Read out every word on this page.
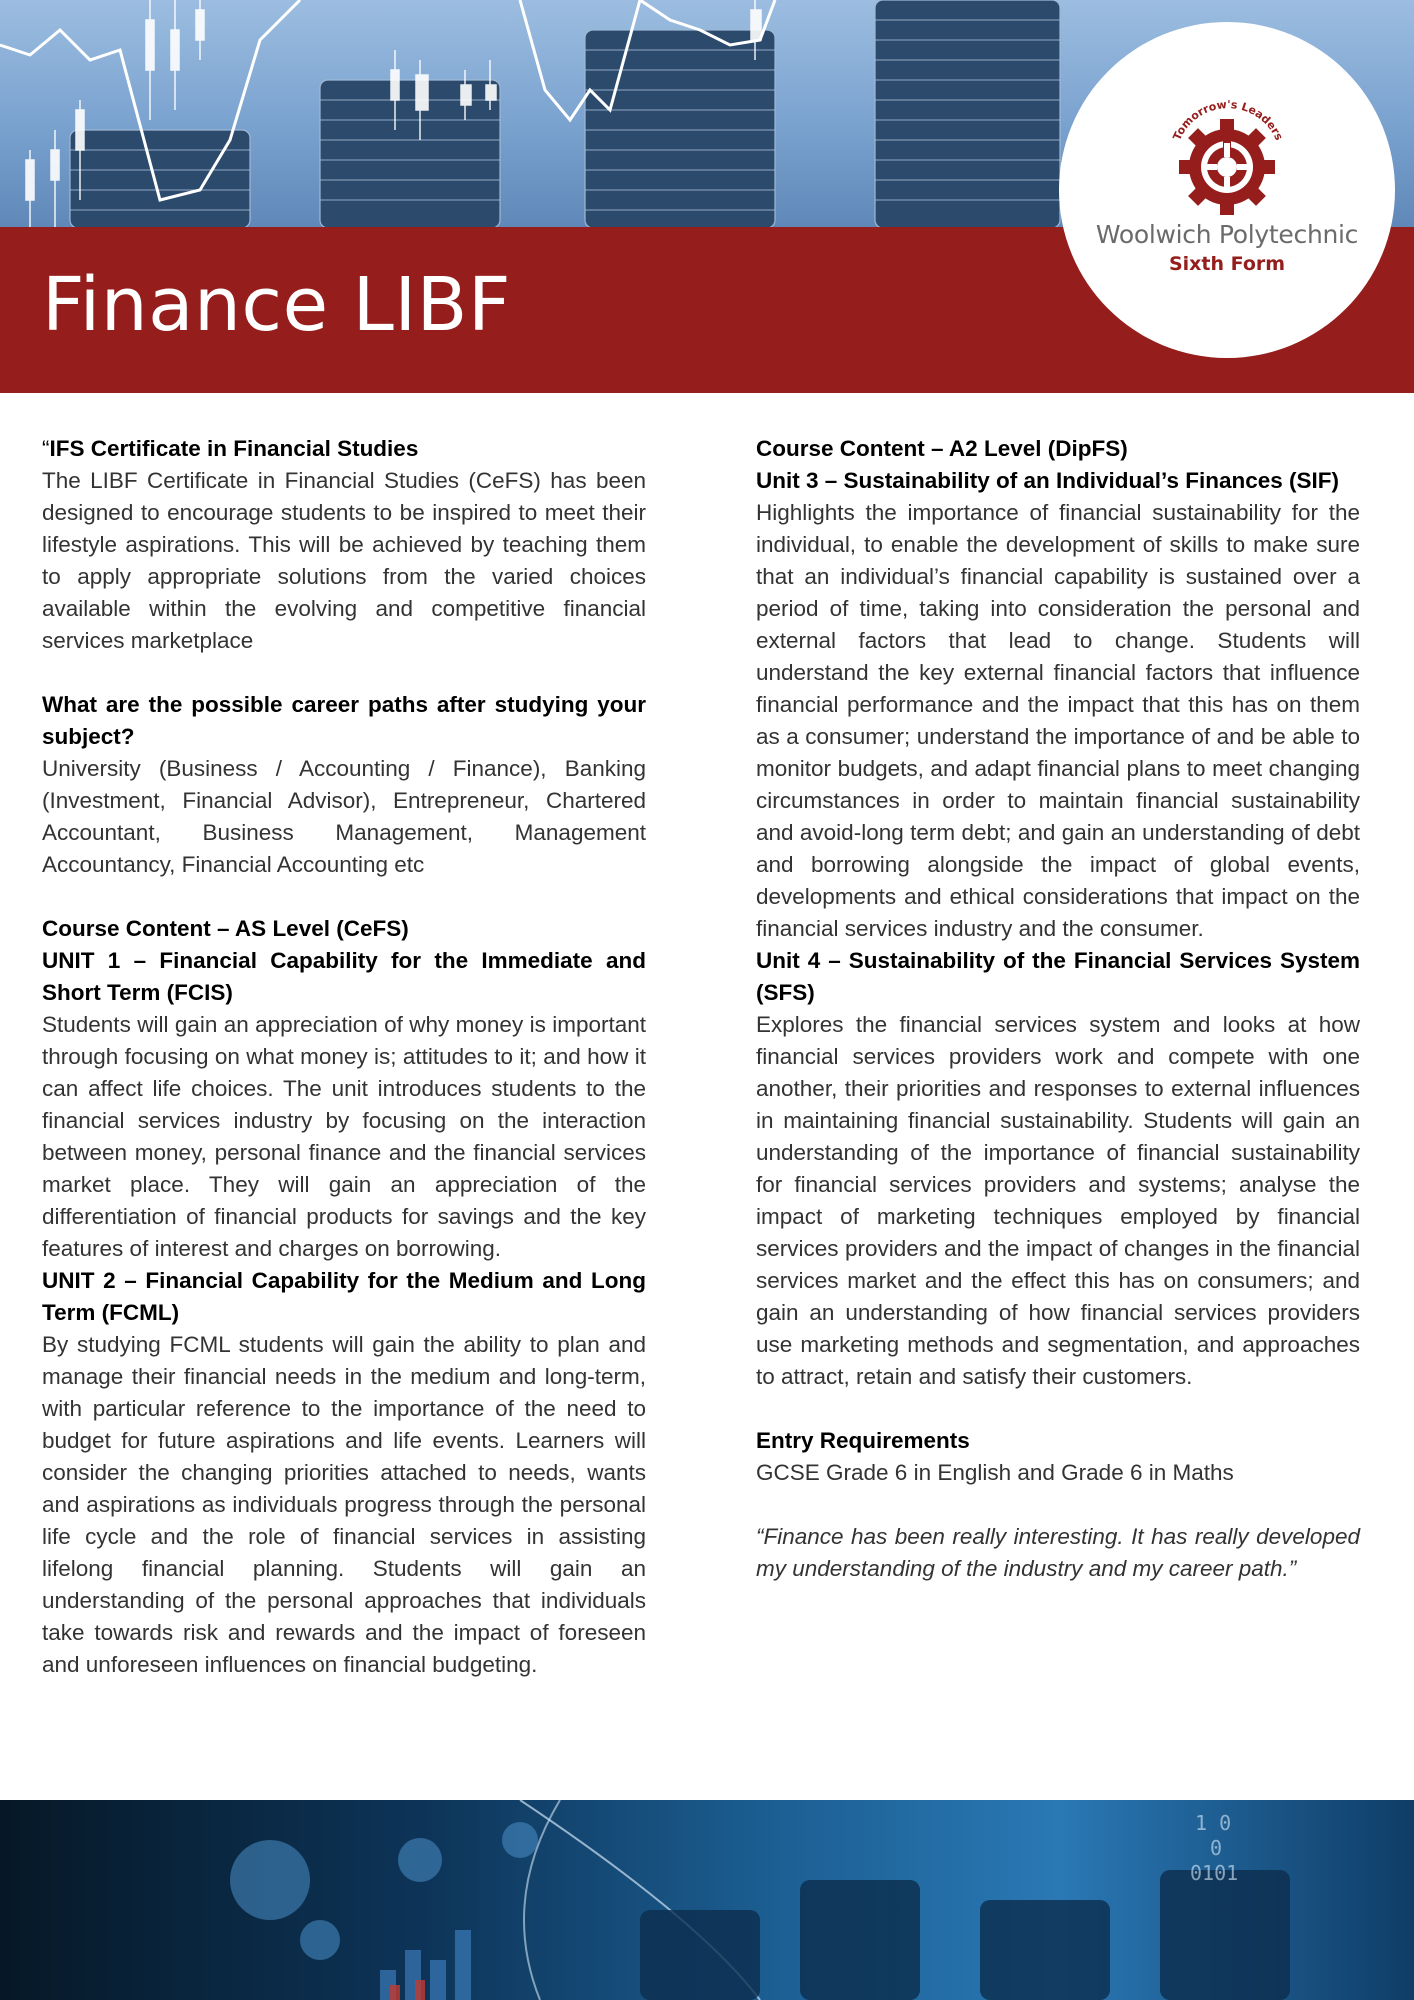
Finance LIBF
Tomorrow's Leaders
Woolwich Polytechnic
Sixth Form
“IFS Certificate in Financial Studies

The LIBF Certificate in Financial Studies (CeFS) has been designed to encourage students to be inspired to meet their lifestyle aspirations. This will be achieved by teaching them to apply appropriate solutions from the varied choices available within the evolving and competitive financial services marketplace

What are the possible career paths after studying your subject?

University (Business / Accounting / Finance), Banking (Investment, Financial Advisor), Entrepreneur, Chartered Accountant, Business Management, Management Accountancy, Financial Accounting etc

Course Content – AS Level (CeFS)
UNIT 1 – Financial Capability for the Immediate and Short Term (FCIS)

Students will gain an appreciation of why money is important through focusing on what money is; attitudes to it; and how it can affect life choices. The unit introduces students to the financial services industry by focusing on the interaction between money, personal finance and the financial services market place. They will gain an appreciation of the differentiation of financial products for savings and the key features of interest and charges on borrowing.

UNIT 2 – Financial Capability for the Medium and Long Term (FCML)

By studying FCML students will gain the ability to plan and manage their financial needs in the medium and long-term, with particular reference to the importance of the need to budget for future aspirations and life events. Learners will consider the changing priorities attached to needs, wants and aspirations as individuals progress through the personal life cycle and the role of financial services in assisting lifelong financial planning. Students will gain an understanding of the personal approaches that individuals take towards risk and rewards and the impact of foreseen and unforeseen influences on financial budgeting.

Course Content – A2 Level (DipFS)
Unit 3 – Sustainability of an Individual’s Finances (SIF)

Highlights the importance of financial sustainability for the individual, to enable the development of skills to make sure that an individual’s financial capability is sustained over a period of time, taking into consideration the personal and external factors that lead to change. Students will understand the key external financial factors that influence financial performance and the impact that this has on them as a consumer; understand the importance of and be able to monitor budgets, and adapt financial plans to meet changing circumstances in order to maintain financial sustainability and avoid-long term debt; and gain an understanding of debt and borrowing alongside the impact of global events, developments and ethical considerations that impact on the financial services industry and the consumer.

Unit 4 – Sustainability of the Financial Services System (SFS)

Explores the financial services system and looks at how financial services providers work and compete with one another, their priorities and responses to external influences in maintaining financial sustainability. Students will gain an understanding of the importance of financial sustainability for financial services providers and systems; analyse the impact of marketing techniques employed by financial services providers and the impact of changes in the financial services market and the effect this has on consumers; and gain an understanding of how financial services providers use marketing methods and segmentation, and approaches to attract, retain and satisfy their customers.

Entry Requirements

GCSE Grade 6 in English and Grade 6 in Maths

“Finance has been really interesting. It has really developed my understanding of the industry and my career path.”

1 0
0
0101
